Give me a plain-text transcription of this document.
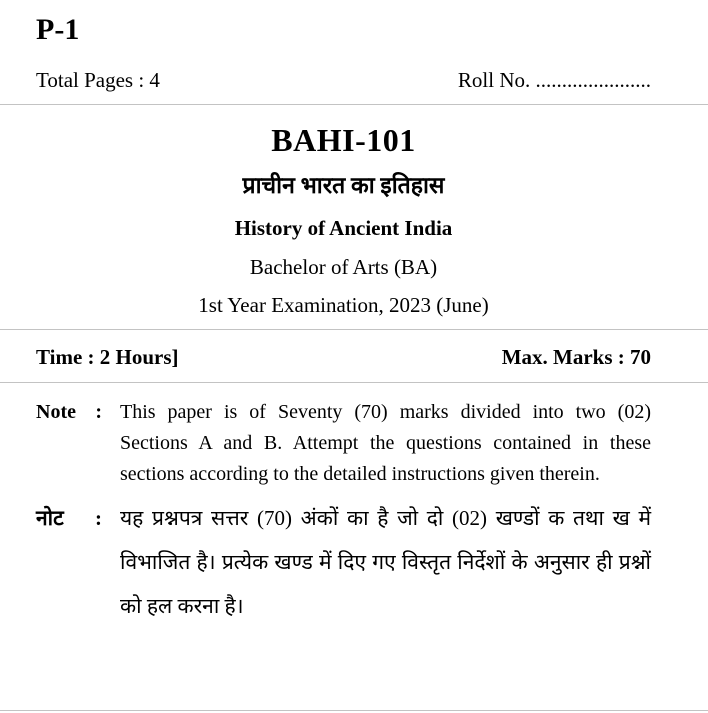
P-1
Total Pages : 4	Roll No. ......................
BAHI-101
प्राचीन भारत का इतिहास
History of Ancient India
Bachelor of Arts (BA)
1st Year Examination, 2023 (June)
Time : 2 Hours]	Max. Marks : 70
Note : This paper is of Seventy (70) marks divided into two (02) Sections A and B. Attempt the questions contained in these sections according to the detailed instructions given therein.
नोट : यह प्रश्नपत्र सत्तर (70) अंकों का है जो दो (02) खण्डों क तथा ख में विभाजित है। प्रत्येक खण्ड में दिए गए विस्तृत निर्देशों के अनुसार ही प्रश्नों को हल करना है।
